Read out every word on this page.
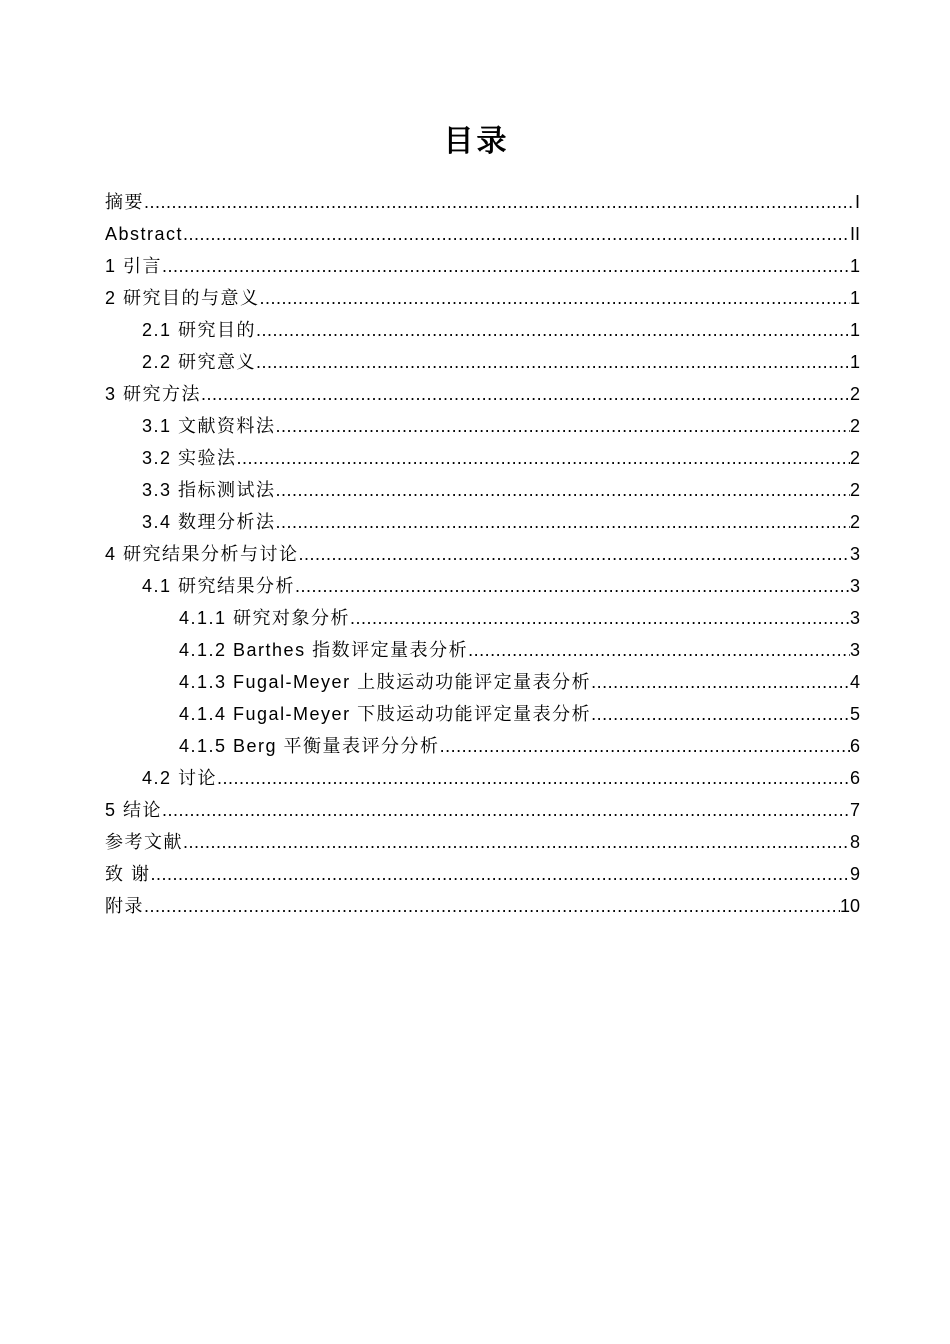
目录
摘要 .....	I
Abstract .....	II
1 引言 .....	1
2 研究目的与意义 .....	1
2.1 研究目的 .....	1
2.2 研究意义 .....	1
3 研究方法 .....	2
3.1 文献资料法 .....	2
3.2 实验法 .....	2
3.3 指标测试法 .....	2
3.4 数理分析法 .....	2
4 研究结果分析与讨论 .....	3
4.1 研究结果分析 .....	3
4.1.1 研究对象分析 .....	3
4.1.2 Barthes 指数评定量表分析 .....	3
4.1.3 Fugal-Meyer 上肢运动功能评定量表分析 .....	4
4.1.4 Fugal-Meyer 下肢运动功能评定量表分析 .....	5
4.1.5 Berg 平衡量表评分分析 .....	6
4.2 讨论 .....	6
5 结论 .....	7
参考文献 .....	8
致 谢 .....	9
附录 .....	10
